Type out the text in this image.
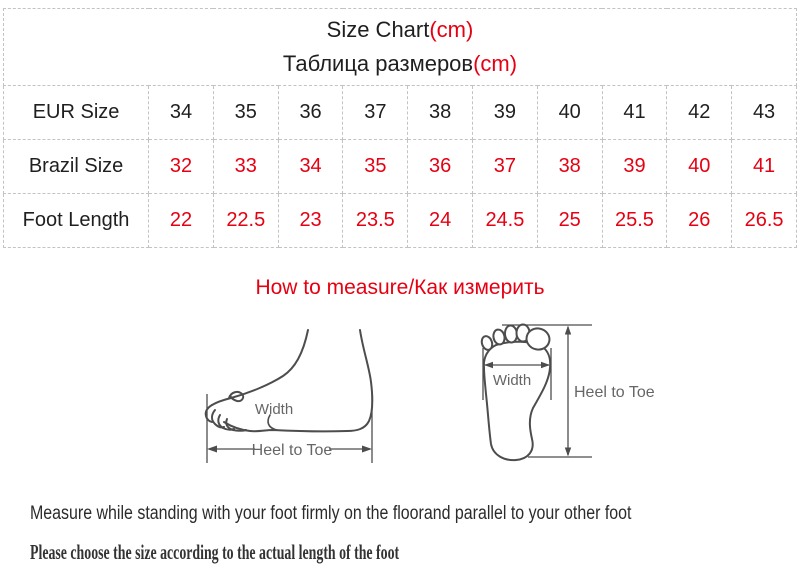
Size Chart(cm)
Таблица размеров(cm)										

EUR Size	34	35	36	37	38	39	40	41	42	43
Brazil Size	32	33	34	35	36	37	38	39	40	41
Foot Length	22	22.5	23	23.5	24	24.5	25	25.5	26	26.5
How to measure/Как измерить
Width
Heel to Toe
Width
Heel to Toe
Measure while standing with your foot firmly on the floorand parallel to your other foot
Please choose the size according to the actual length of the foot
